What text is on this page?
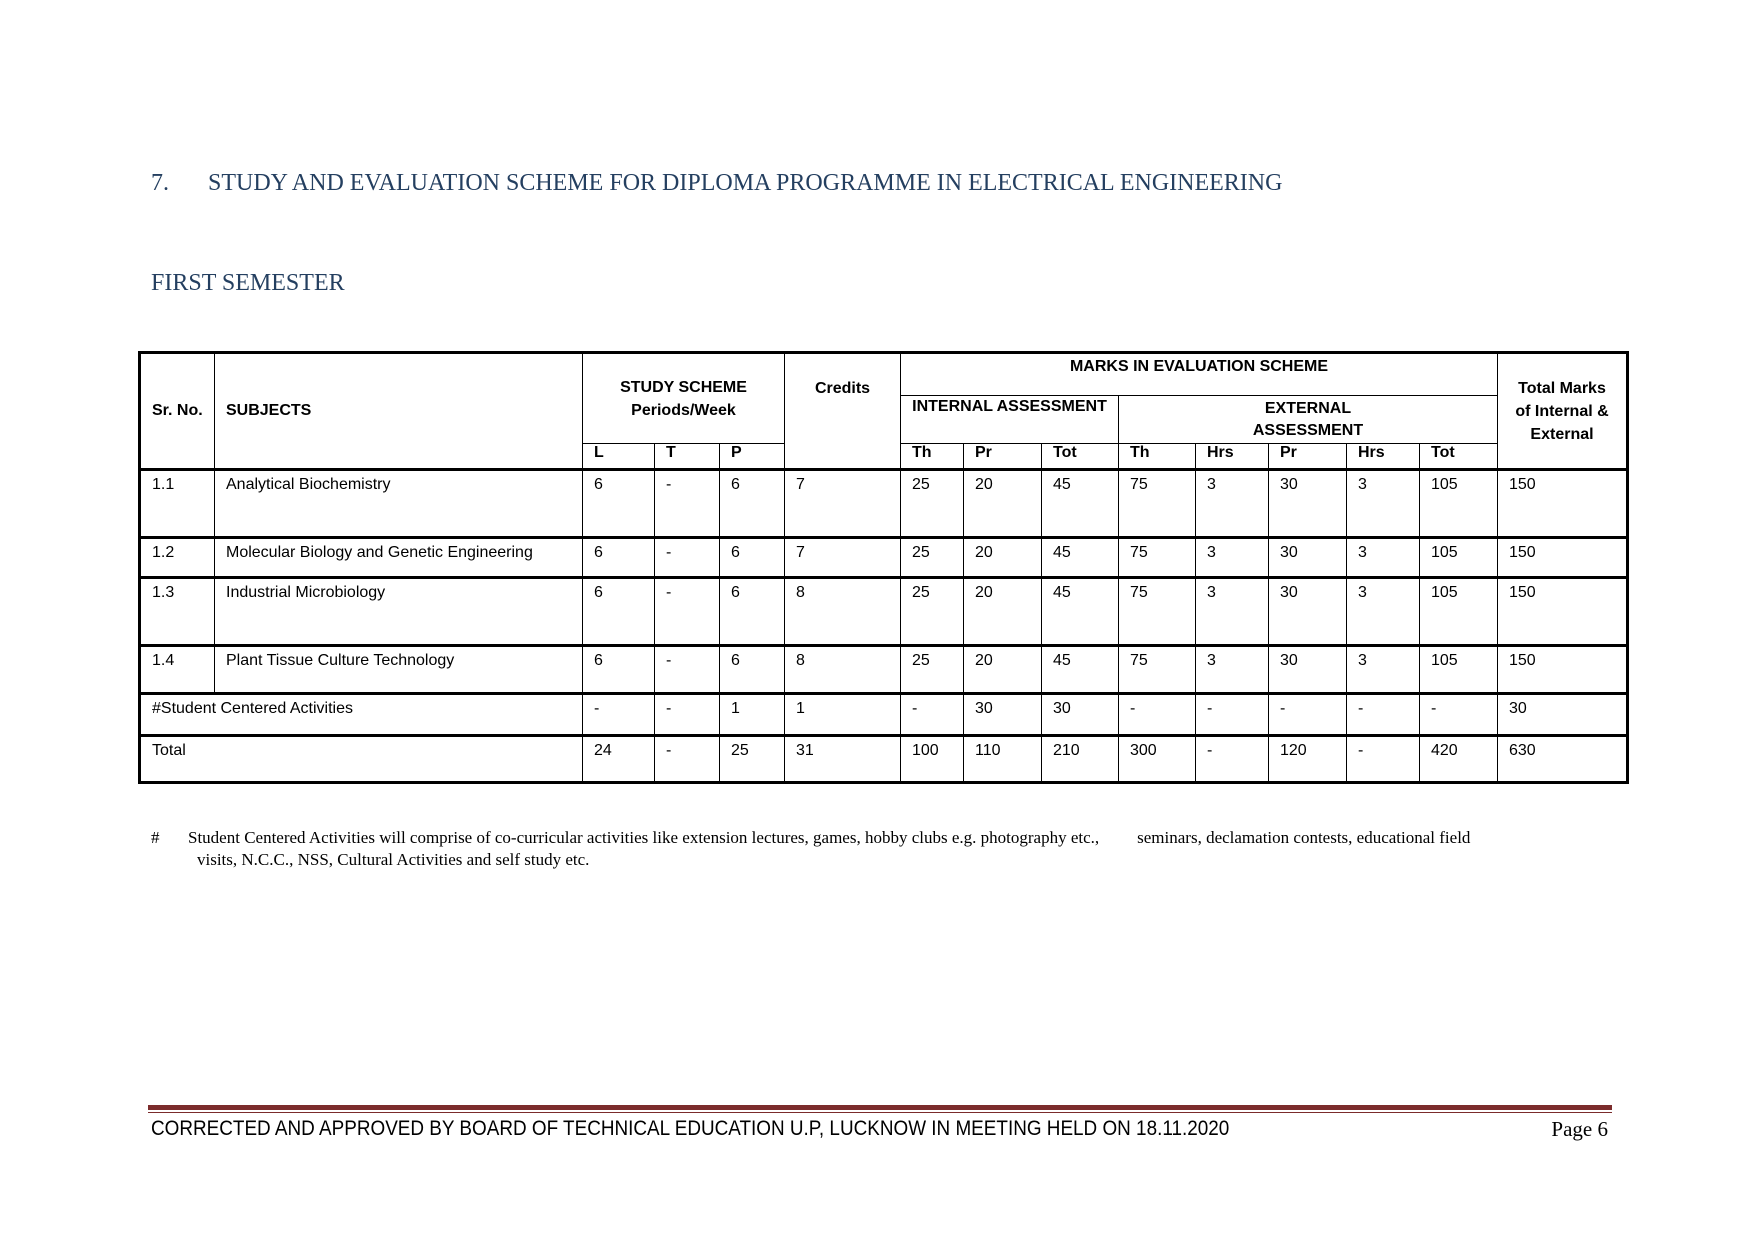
7. STUDY AND EVALUATION SCHEME FOR DIPLOMA PROGRAMME IN ELECTRICAL ENGINEERING
FIRST SEMESTER
Sr. No.	SUBJECTS	STUDY SCHEME Periods/Week			Credits	MARKS IN EVALUATION SCHEME								Total Marks of Internal & External
						INTERNAL ASSESSMENT			EXTERNAL ASSESSMENT					
		L	T	P		Th	Pr	Tot	Th	Hrs	Pr	Hrs	Tot	
1.1	Analytical Biochemistry	6	-	6	7	25	20	45	75	3	30	3	105	150
1.2	Molecular Biology and Genetic Engineering	6	-	6	7	25	20	45	75	3	30	3	105	150
1.3	Industrial Microbiology	6	-	6	8	25	20	45	75	3	30	3	105	150
1.4	Plant Tissue Culture Technology	6	-	6	8	25	20	45	75	3	30	3	105	150
#Student Centered Activities		-	-	1	1	-	30	30	-	-	-	-	-	30
Total		24	-	25	31	100	110	210	300	-	120	-	420	630
# Student Centered Activities will comprise of co-curricular activities like extension lectures, games, hobby clubs e.g. photography etc., seminars, declamation contests, educational field
visits, N.C.C., NSS, Cultural Activities and self study etc.
CORRECTED AND APPROVED BY BOARD OF TECHNICAL EDUCATION U.P, LUCKNOW IN MEETING HELD ON 18.11.2020	Page 6
